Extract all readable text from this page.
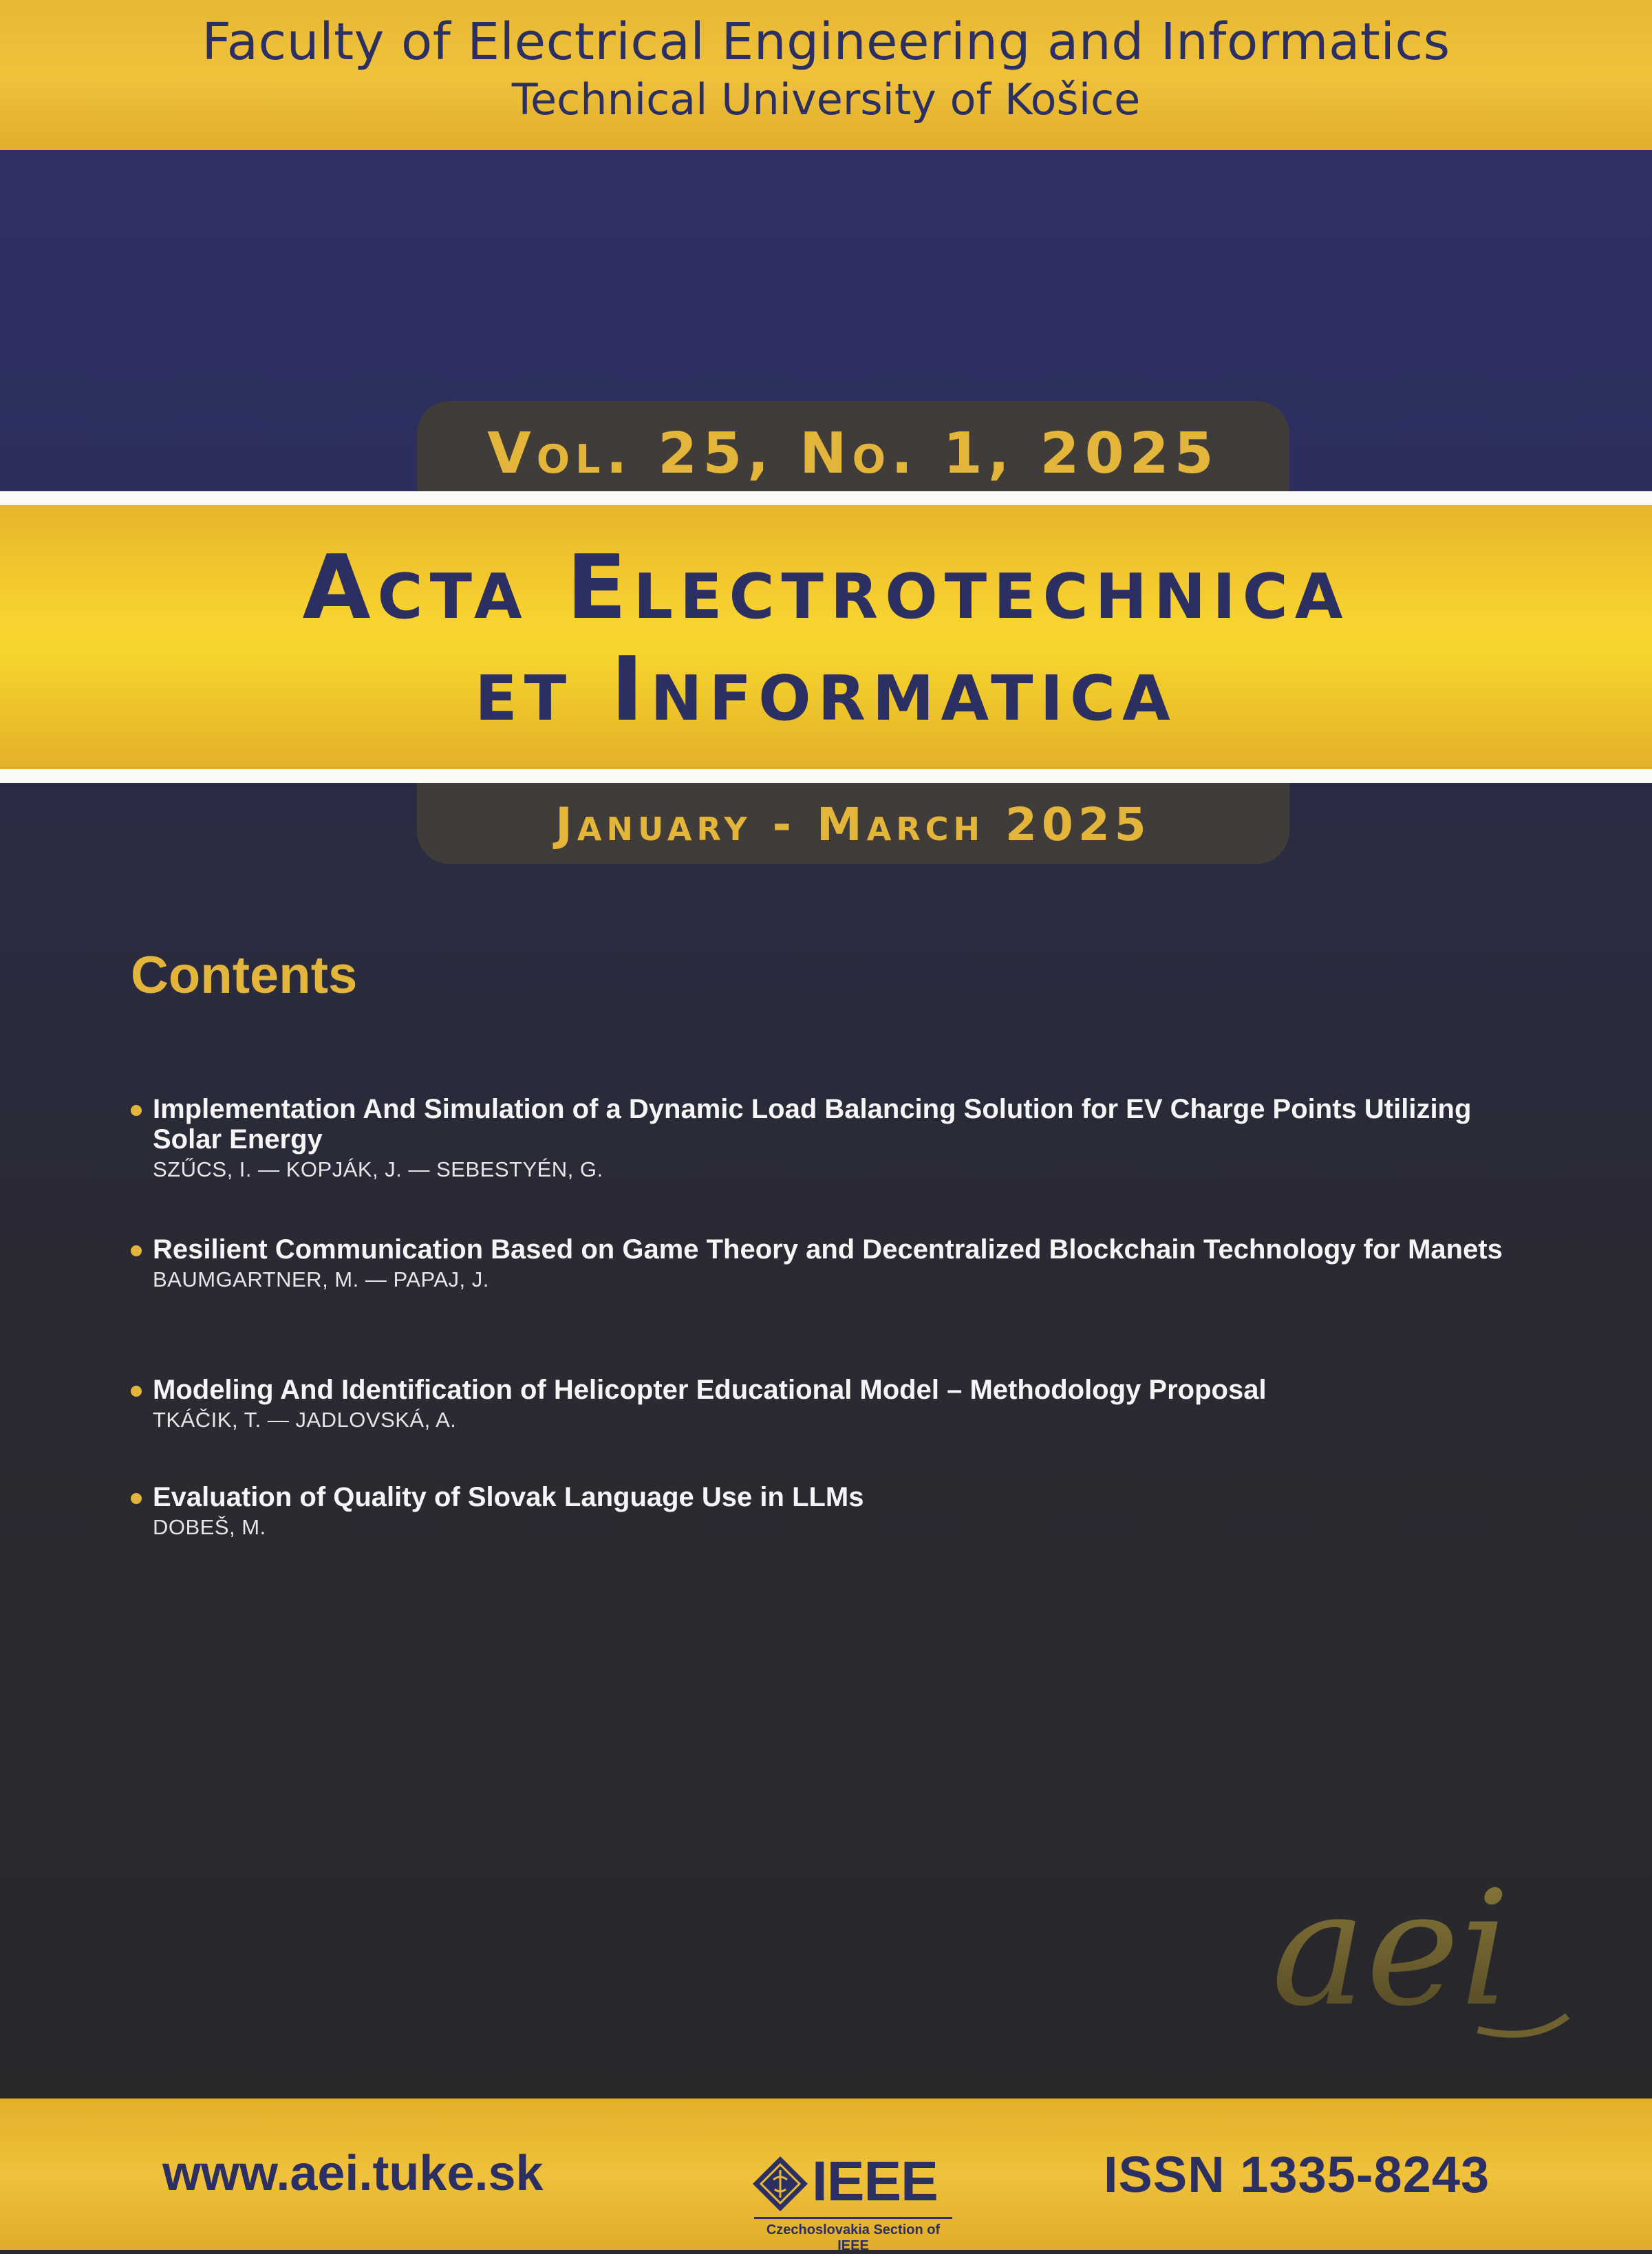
Faculty of Electrical Engineering and Informatics
Technical University of Košice
Vol. 25, No. 1, 2025
Acta Electrotechnica
et Informatica
January - March 2025
Contents
Implementation And Simulation of a Dynamic Load Balancing Solution for EV Charge Points Utilizing Solar Energy
SZŰCS, I. — KOPJÁK, J. — SEBESTYÉN, G.
Resilient Communication Based on Game Theory and Decentralized Blockchain Technology for Manets
BAUMGARTNER, M. — PAPAJ, J.
Modeling And Identification of Helicopter Educational Model – Methodology Proposal
TKÁČIK, T. — JADLOVSKÁ, A.
Evaluation of Quality of Slovak Language Use in LLMs
DOBEŠ, M.
aei
www.aei.tuke.sk	IEEE
Czechoslovakia Section of IEEE
ISSN 1335-8243
